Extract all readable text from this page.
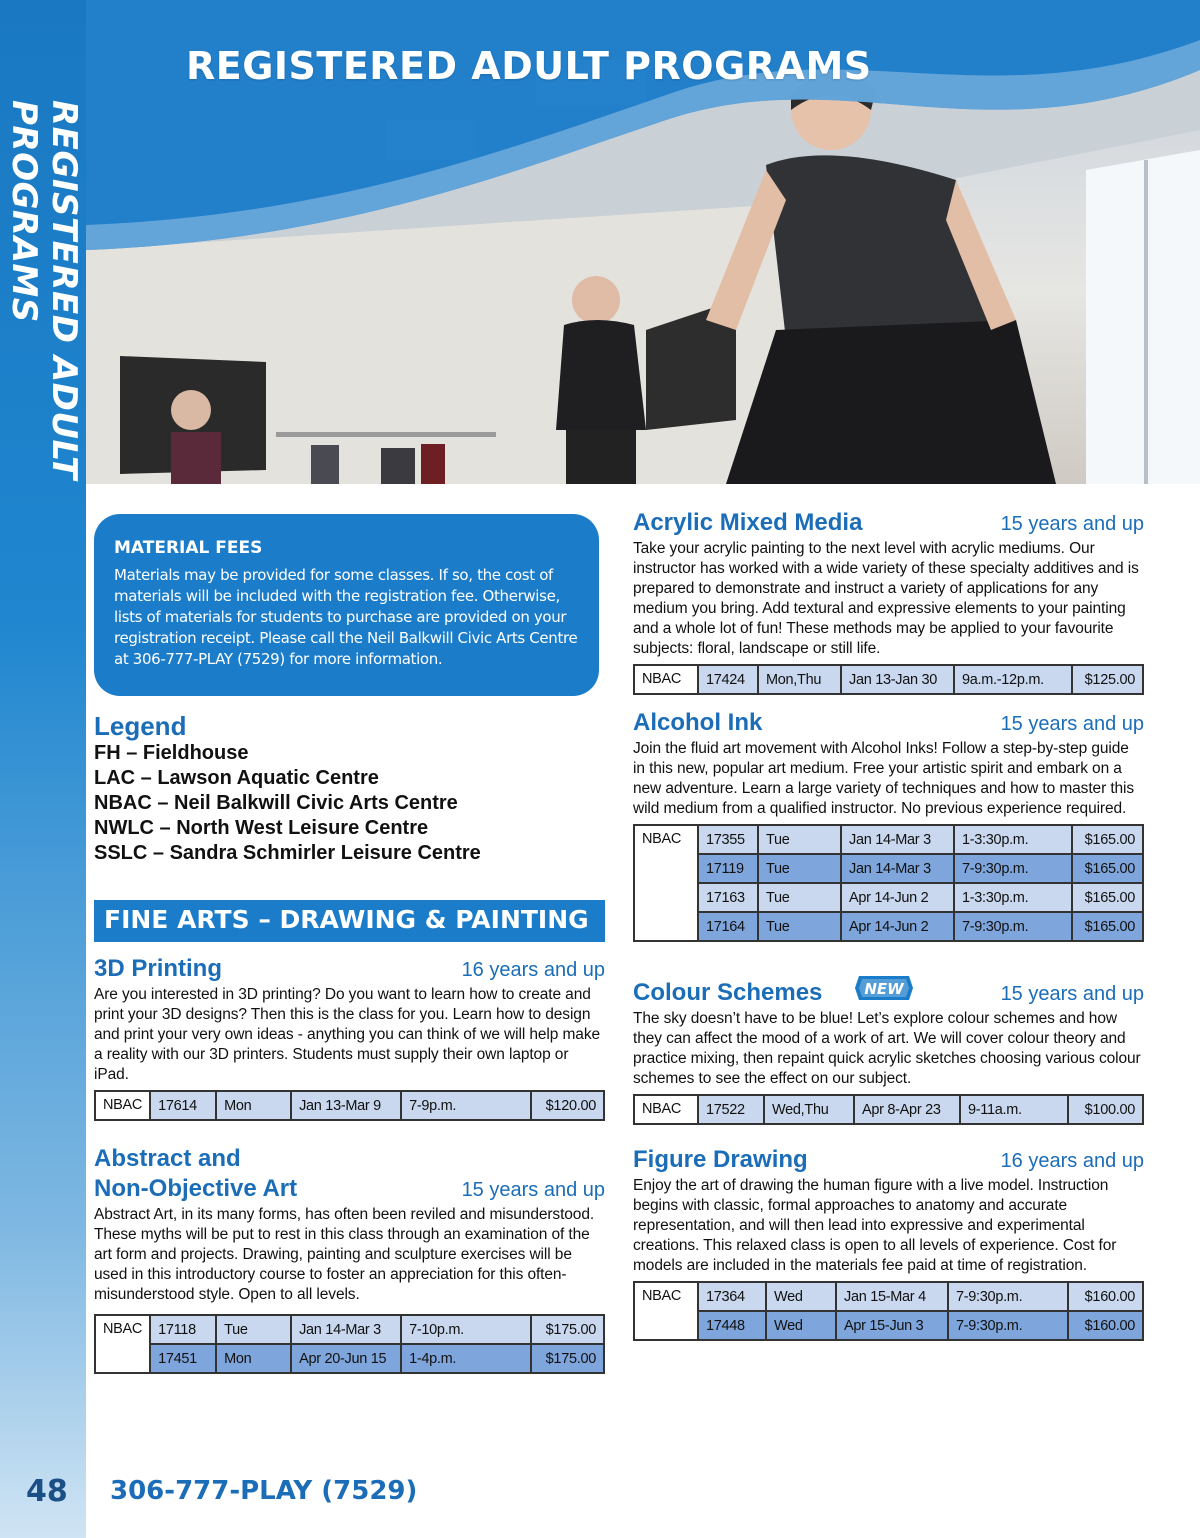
REGISTERED ADULT PROGRAMS
REGISTERED ADULT PROGRAMS
MATERIAL FEES

Materials may be provided for some classes. If so, the cost of materials will be included with the registration fee. Otherwise, lists of materials for students to purchase are provided on your registration receipt. Please call the Neil Balkwill Civic Arts Centre at 306-777-PLAY (7529) for more information.

Legend
FH – Fieldhouse
LAC – Lawson Aquatic Centre
NBAC – Neil Balkwill Civic Arts Centre
NWLC – North West Leisure Centre
SSLC – Sandra Schmirler Leisure Centre
FINE ARTS – DRAWING & PAINTING
3D Printing	16 years and up
Are you interested in 3D printing? Do you want to learn how to create and print your 3D designs? Then this is the class for you. Learn how to design and print your very own ideas - anything you can think of we will help make a reality with our 3D printers. Students must supply their own laptop or iPad.
NBAC	17614	Mon	Jan 13-Mar 9	7-9p.m.	$120.00
Abstract and
Non-Objective Art	15 years and up
Abstract Art, in its many forms, has often been reviled and misunderstood. These myths will be put to rest in this class through an examination of the art form and projects. Drawing, painting and sculpture exercises will be used in this introductory course to foster an appreciation for this often-misunderstood style. Open to all levels.
NBAC	17118	Tue	Jan 14-Mar 3	7-10p.m.	$175.00
	17451	Mon	Apr 20-Jun 15	1-4p.m.	$175.00
Acrylic Mixed Media	15 years and up
Take your acrylic painting to the next level with acrylic mediums. Our instructor has worked with a wide variety of these specialty additives and is prepared to demonstrate and instruct a variety of applications for any medium you bring. Add textural and expressive elements to your painting and a whole lot of fun! These methods may be applied to your favourite subjects: floral, landscape or still life.
NBAC	17424	Mon,Thu	Jan 13-Jan 30	9a.m.-12p.m.	$125.00
Alcohol Ink	15 years and up
Join the fluid art movement with Alcohol Inks! Follow a step-by-step guide in this new, popular art medium. Free your artistic spirit and embark on a new adventure. Learn a large variety of techniques and how to master this wild medium from a qualified instructor. No previous experience required.
NBAC	17355	Tue	Jan 14-Mar 3	1-3:30p.m.	$165.00
	17119	Tue	Jan 14-Mar 3	7-9:30p.m.	$165.00
	17163	Tue	Apr 14-Jun 2	1-3:30p.m.	$165.00
	17164	Tue	Apr 14-Jun 2	7-9:30p.m.	$165.00
Colour Schemes	NEW	15 years and up
The sky doesn’t have to be blue! Let’s explore colour schemes and how they can affect the mood of a work of art. We will cover colour theory and practice mixing, then repaint quick acrylic sketches choosing various colour schemes to see the effect on our subject.
NBAC	17522	Wed,Thu	Apr 8-Apr 23	9-11a.m.	$100.00
Figure Drawing	16 years and up
Enjoy the art of drawing the human figure with a live model. Instruction begins with classic, formal approaches to anatomy and accurate representation, and will then lead into expressive and experimental creations. This relaxed class is open to all levels of experience. Cost for models are included in the materials fee paid at time of registration.
NBAC	17364	Wed	Jan 15-Mar 4	7-9:30p.m.	$160.00
	17448	Wed	Apr 15-Jun 3	7-9:30p.m.	$160.00
48 306-777-PLAY (7529)
